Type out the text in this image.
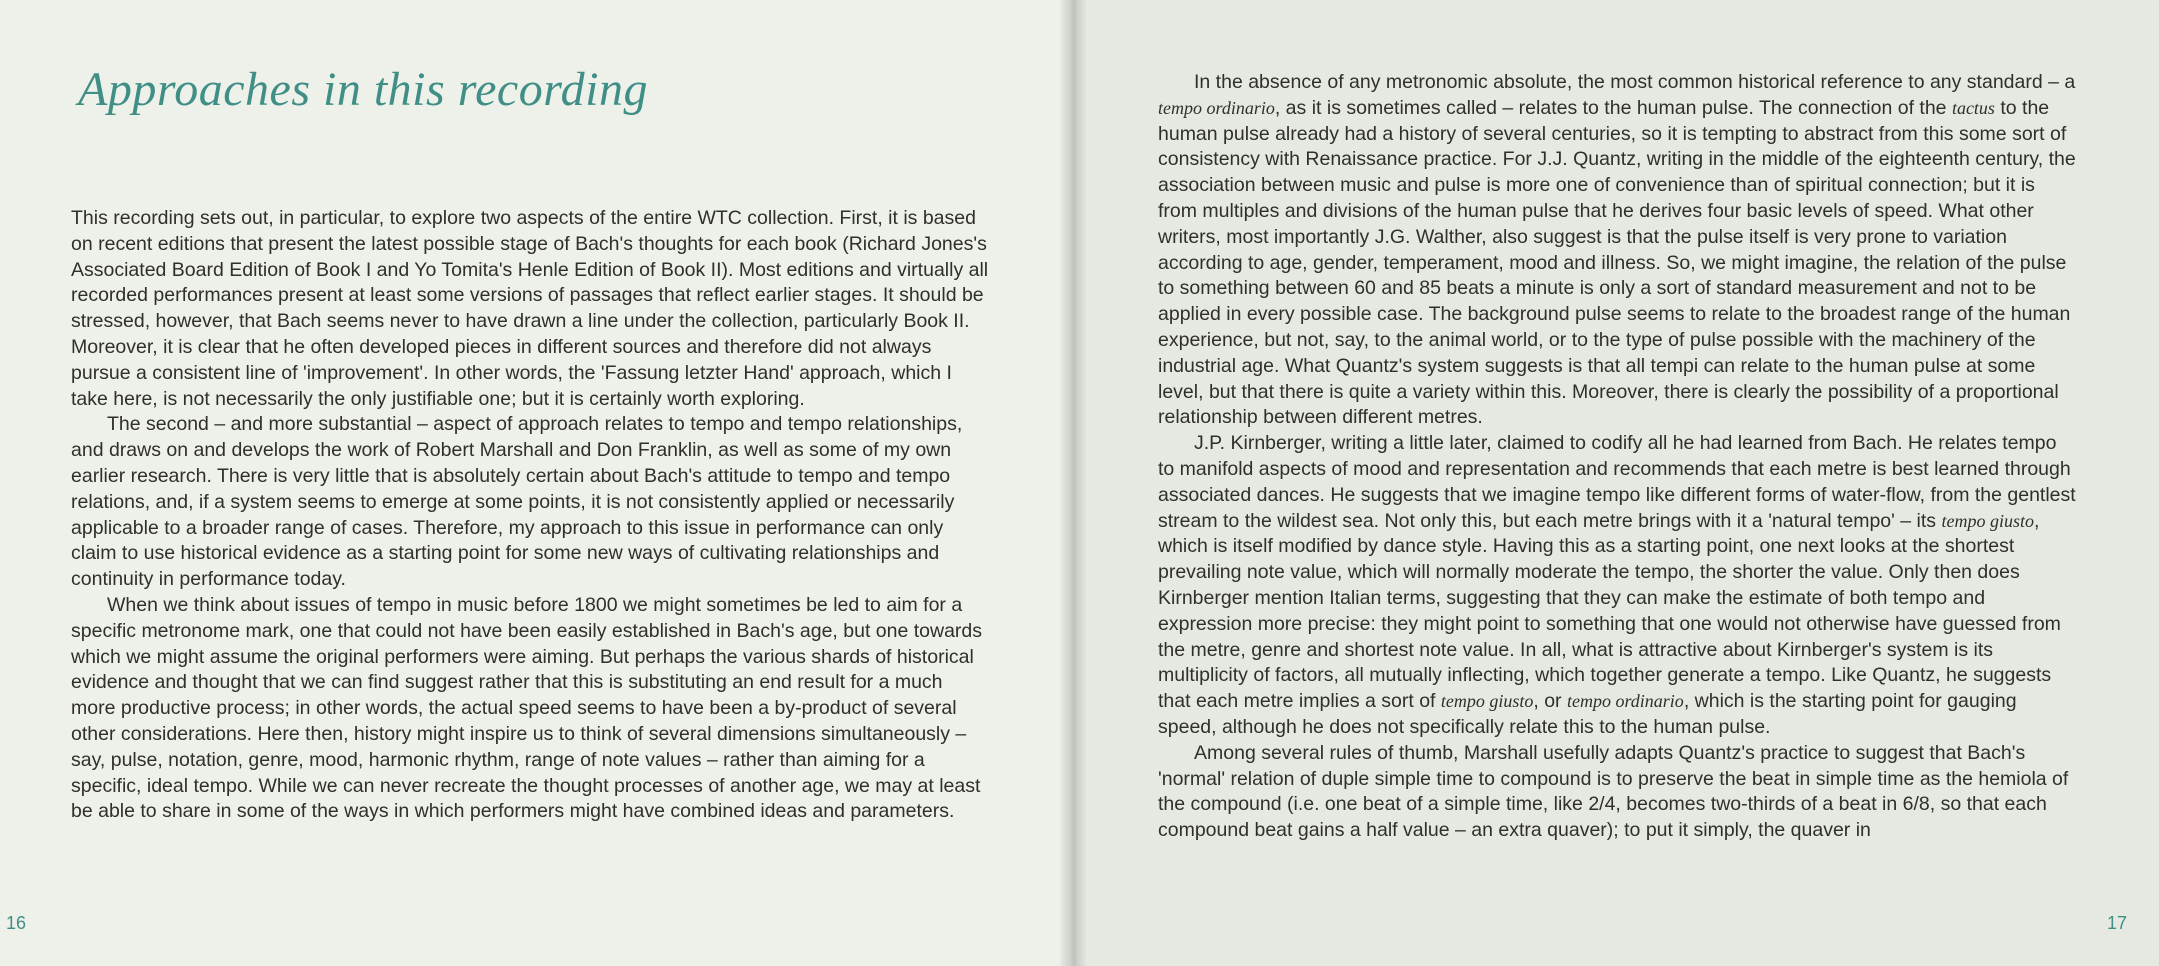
Approaches in this recording

This recording sets out, in particular, to explore two aspects of the entire WTC collection. First, it is based on recent editions that present the latest possible stage of Bach's thoughts for each book (Richard Jones's Associated Board Edition of Book I and Yo Tomita's Henle Edition of Book II). Most editions and virtually all recorded performances present at least some versions of passages that reflect earlier stages. It should be stressed, however, that Bach seems never to have drawn a line under the collection, particularly Book II. Moreover, it is clear that he often developed pieces in different sources and therefore did not always pursue a consistent line of 'improvement'. In other words, the 'Fassung letzter Hand' approach, which I take here, is not necessarily the only justifiable one; but it is certainly worth exploring.

The second – and more substantial – aspect of approach relates to tempo and tempo relationships, and draws on and develops the work of Robert Marshall and Don Franklin, as well as some of my own earlier research. There is very little that is absolutely certain about Bach's attitude to tempo and tempo relations, and, if a system seems to emerge at some points, it is not consistently applied or necessarily applicable to a broader range of cases. Therefore, my approach to this issue in performance can only claim to use historical evidence as a starting point for some new ways of cultivating relationships and continuity in performance today.

When we think about issues of tempo in music before 1800 we might sometimes be led to aim for a specific metronome mark, one that could not have been easily established in Bach's age, but one towards which we might assume the original performers were aiming. But perhaps the various shards of historical evidence and thought that we can find suggest rather that this is substituting an end result for a much more productive process; in other words, the actual speed seems to have been a by-product of several other considerations. Here then, history might inspire us to think of several dimensions simultaneously – say, pulse, notation, genre, mood, harmonic rhythm, range of note values – rather than aiming for a specific, ideal tempo. While we can never recreate the thought processes of another age, we may at least be able to share in some of the ways in which performers might have combined ideas and parameters.

16

In the absence of any metronomic absolute, the most common historical reference to any standard – a tempo ordinario, as it is sometimes called – relates to the human pulse. The connection of the tactus to the human pulse already had a history of several centuries, so it is tempting to abstract from this some sort of consistency with Renaissance practice. For J.J. Quantz, writing in the middle of the eighteenth century, the association between music and pulse is more one of convenience than of spiritual connection; but it is from multiples and divisions of the human pulse that he derives four basic levels of speed. What other writers, most importantly J.G. Walther, also suggest is that the pulse itself is very prone to variation according to age, gender, temperament, mood and illness. So, we might imagine, the relation of the pulse to something between 60 and 85 beats a minute is only a sort of standard measurement and not to be applied in every possible case. The background pulse seems to relate to the broadest range of the human experience, but not, say, to the animal world, or to the type of pulse possible with the machinery of the industrial age. What Quantz's system suggests is that all tempi can relate to the human pulse at some level, but that there is quite a variety within this. Moreover, there is clearly the possibility of a proportional relationship between different metres.

J.P. Kirnberger, writing a little later, claimed to codify all he had learned from Bach. He relates tempo to manifold aspects of mood and representation and recommends that each metre is best learned through associated dances. He suggests that we imagine tempo like different forms of water-flow, from the gentlest stream to the wildest sea. Not only this, but each metre brings with it a 'natural tempo' – its tempo giusto, which is itself modified by dance style. Having this as a starting point, one next looks at the shortest prevailing note value, which will normally moderate the tempo, the shorter the value. Only then does Kirnberger mention Italian terms, suggesting that they can make the estimate of both tempo and expression more precise: they might point to something that one would not otherwise have guessed from the metre, genre and shortest note value. In all, what is attractive about Kirnberger's system is its multiplicity of factors, all mutually inflecting, which together generate a tempo. Like Quantz, he suggests that each metre implies a sort of tempo giusto, or tempo ordinario, which is the starting point for gauging speed, although he does not specifically relate this to the human pulse.

Among several rules of thumb, Marshall usefully adapts Quantz's practice to suggest that Bach's 'normal' relation of duple simple time to compound is to preserve the beat in simple time as the hemiola of the compound (i.e. one beat of a simple time, like 2/4, becomes two-thirds of a beat in 6/8, so that each compound beat gains a half value – an extra quaver); to put it simply, the quaver in

17
